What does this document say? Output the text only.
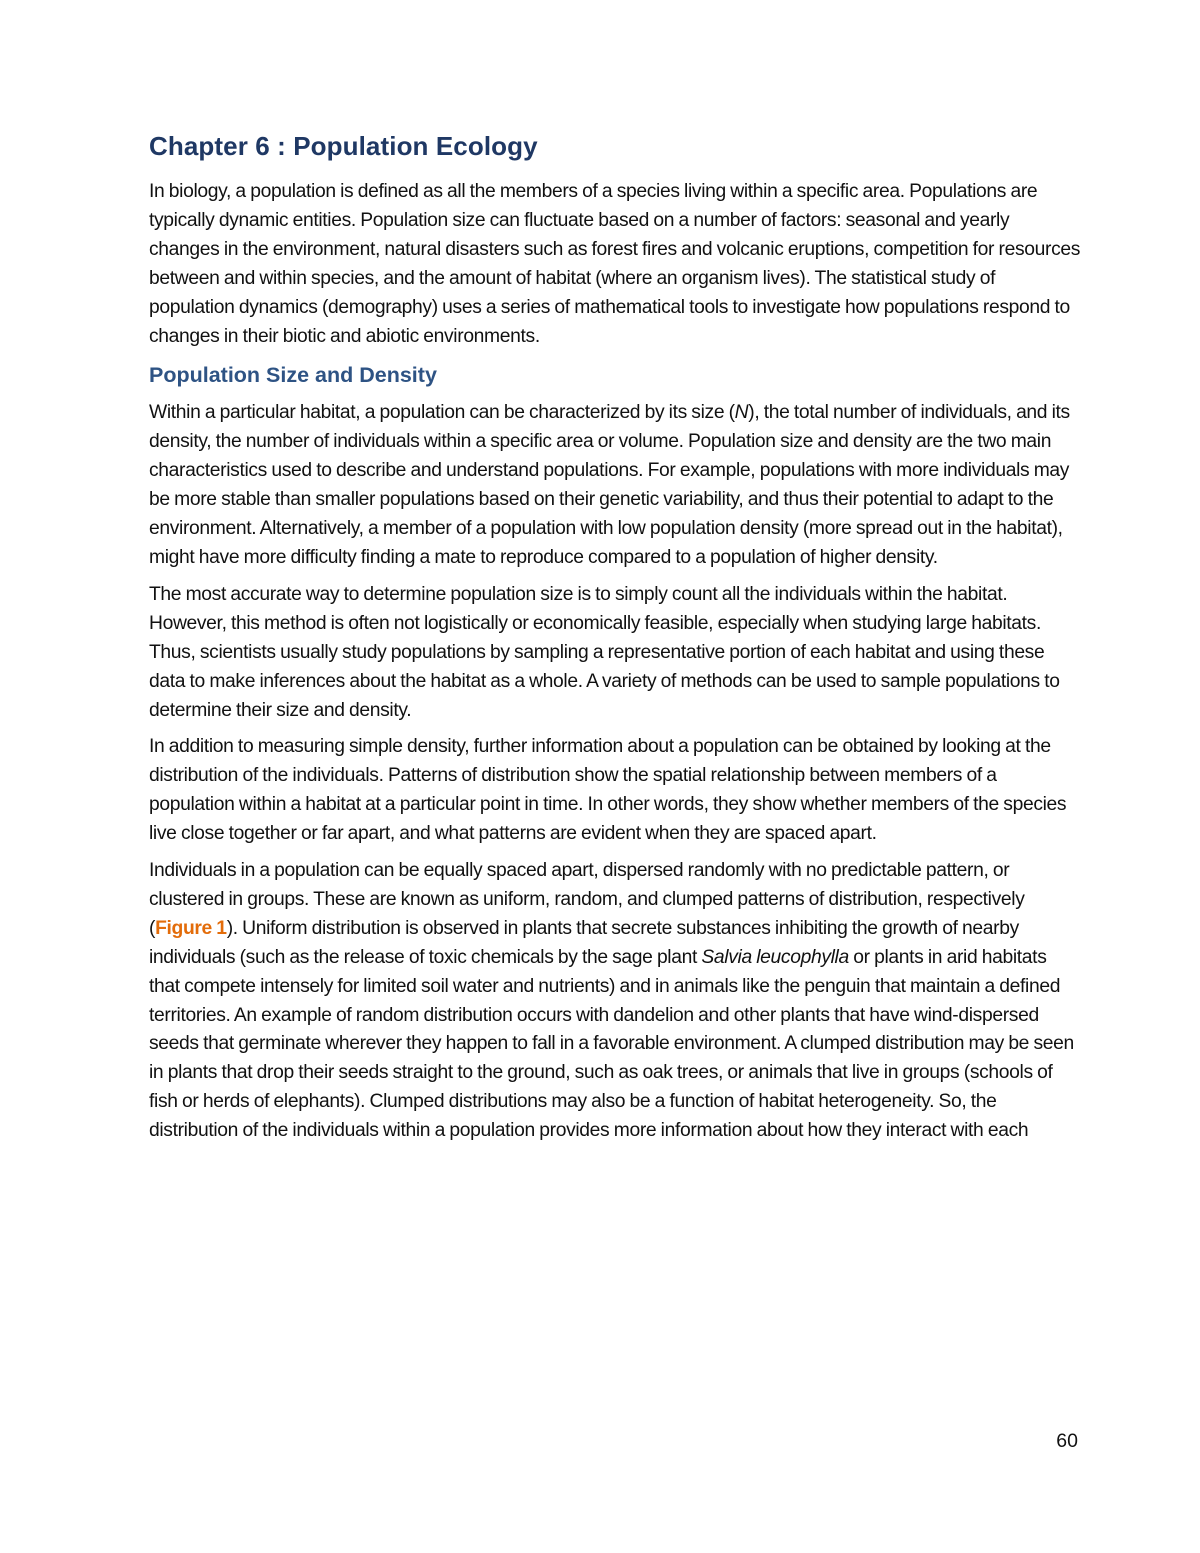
Chapter 6 : Population Ecology

In biology, a population is defined as all the members of a species living within a specific area. Populations are typically dynamic entities. Population size can fluctuate based on a number of factors: seasonal and yearly changes in the environment, natural disasters such as forest fires and volcanic eruptions, competition for resources between and within species, and the amount of habitat (where an organism lives). The statistical study of population dynamics (demography) uses a series of mathematical tools to investigate how populations respond to changes in their biotic and abiotic environments.

Population Size and Density

Within a particular habitat, a population can be characterized by its size (N), the total number of individuals, and its density, the number of individuals within a specific area or volume. Population size and density are the two main characteristics used to describe and understand populations. For example, populations with more individuals may be more stable than smaller populations based on their genetic variability, and thus their potential to adapt to the environment. Alternatively, a member of a population with low population density (more spread out in the habitat), might have more difficulty finding a mate to reproduce compared to a population of higher density.

The most accurate way to determine population size is to simply count all the individuals within the habitat. However, this method is often not logistically or economically feasible, especially when studying large habitats. Thus, scientists usually study populations by sampling a representative portion of each habitat and using these data to make inferences about the habitat as a whole. A variety of methods can be used to sample populations to determine their size and density.

In addition to measuring simple density, further information about a population can be obtained by looking at the distribution of the individuals. Patterns of distribution show the spatial relationship between members of a population within a habitat at a particular point in time. In other words, they show whether members of the species live close together or far apart, and what patterns are evident when they are spaced apart.

Individuals in a population can be equally spaced apart, dispersed randomly with no predictable pattern, or clustered in groups. These are known as uniform, random, and clumped patterns of distribution, respectively (Figure 1). Uniform distribution is observed in plants that secrete substances inhibiting the growth of nearby individuals (such as the release of toxic chemicals by the sage plant Salvia leucophylla or plants in arid habitats that compete intensely for limited soil water and nutrients) and in animals like the penguin that maintain a defined territories. An example of random distribution occurs with dandelion and other plants that have wind-dispersed seeds that germinate wherever they happen to fall in a favorable environment. A clumped distribution may be seen in plants that drop their seeds straight to the ground, such as oak trees, or animals that live in groups (schools of fish or herds of elephants). Clumped distributions may also be a function of habitat heterogeneity. So, the distribution of the individuals within a population provides more information about how they interact with each

60
